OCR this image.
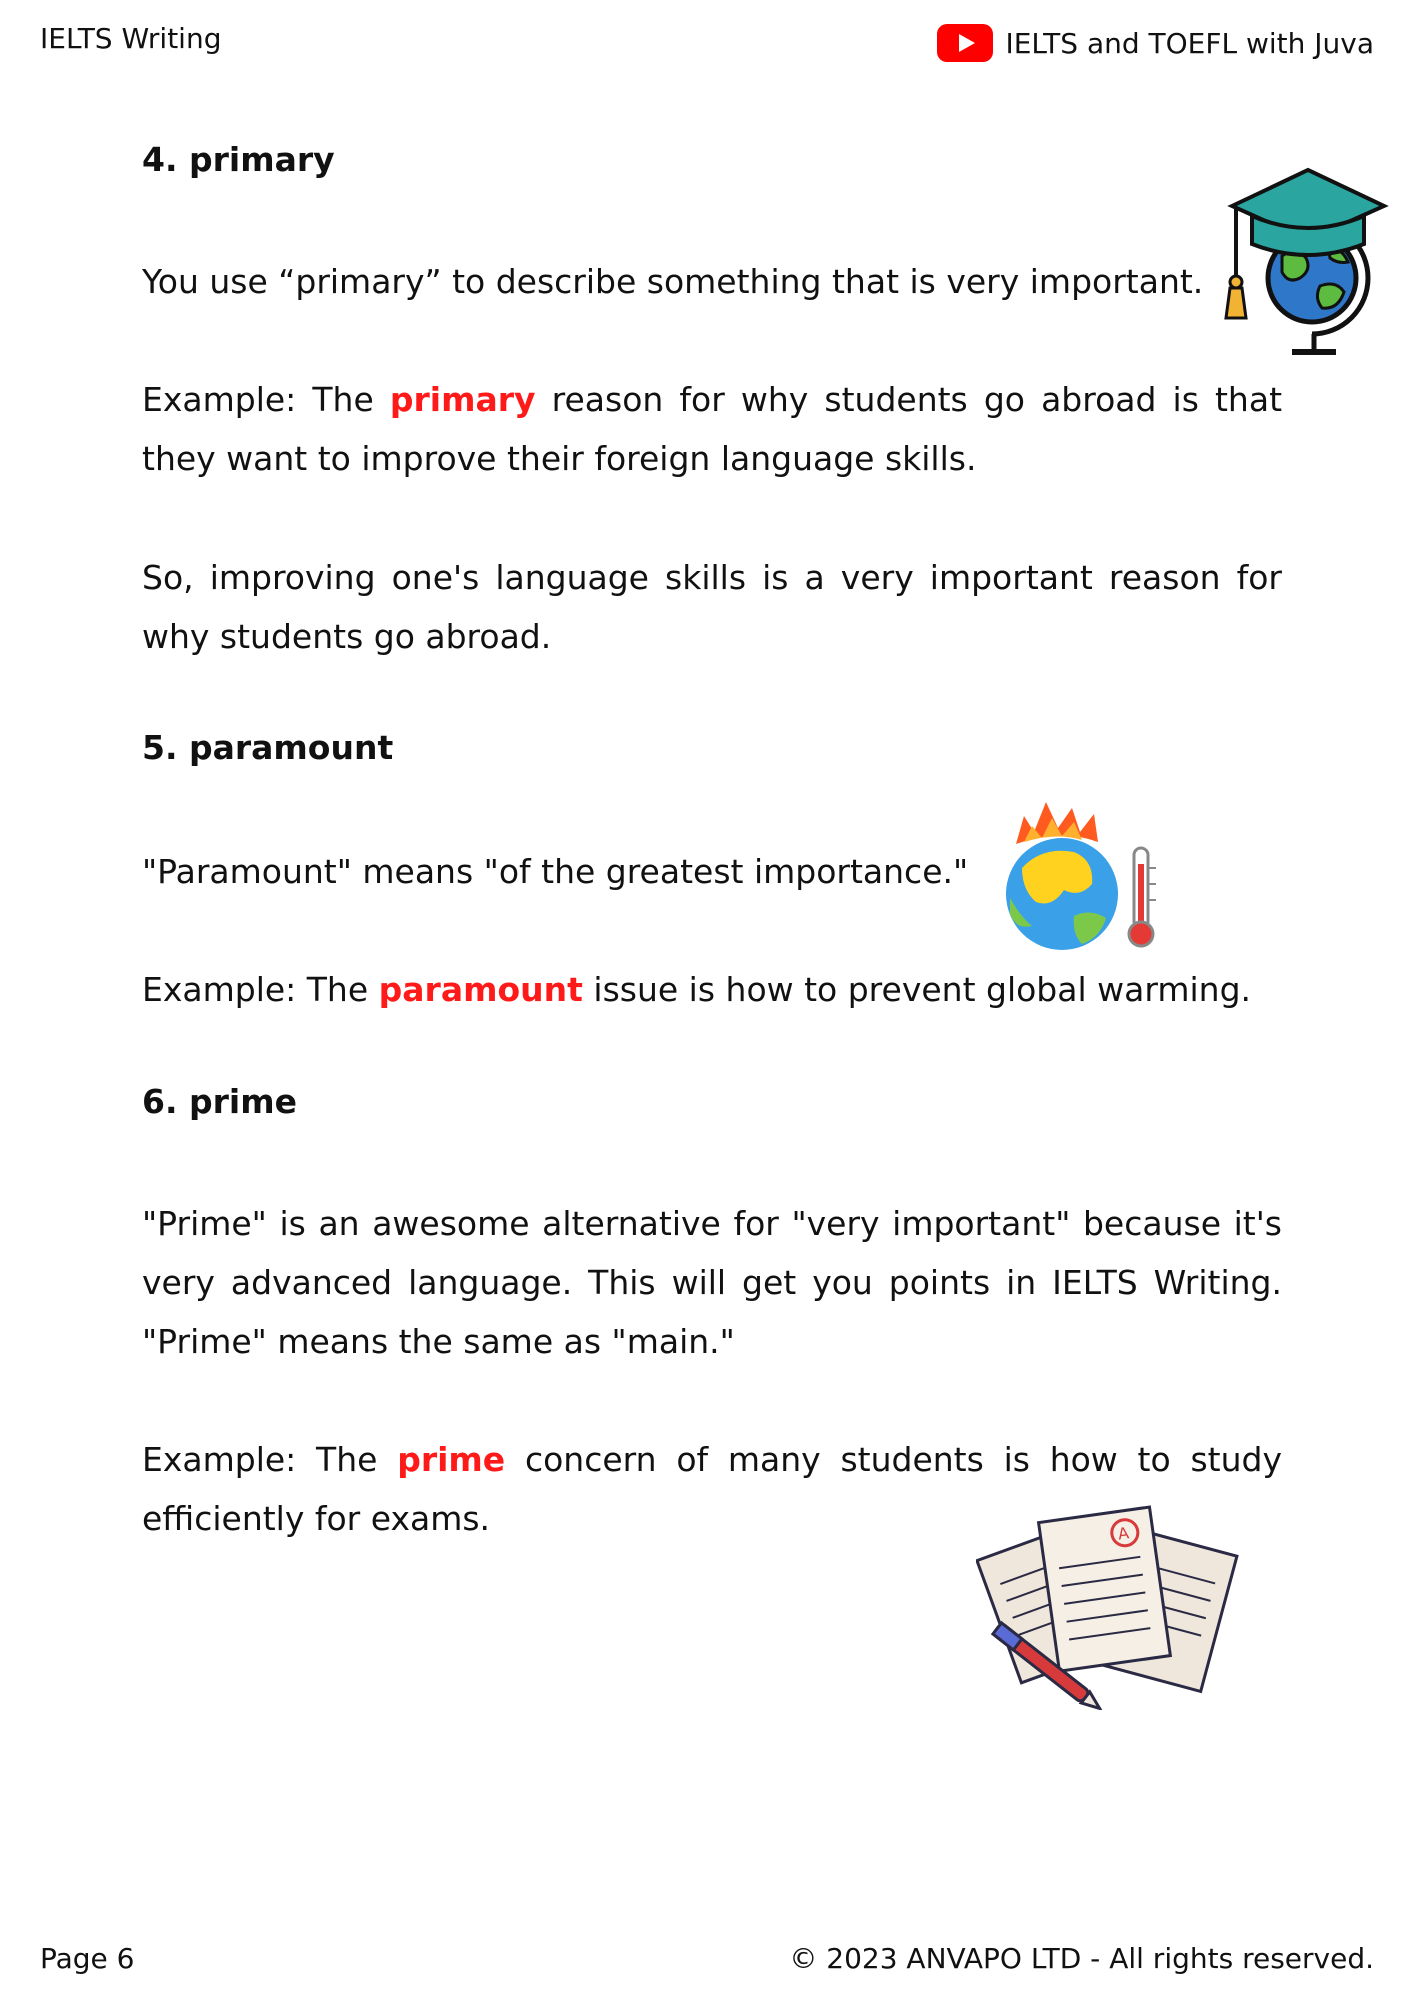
IELTS Writing	IELTS and TOEFL with Juva
4. primary

You use “primary” to describe something that is very important.

Example: The primary reason for why students go abroad is that they want to improve their foreign language skills.

So, improving one's language skills is a very important reason for why students go abroad.

5. paramount

"Paramount" means "of the greatest importance."

Example: The paramount issue is how to prevent global warming.

6. prime

"Prime" is an awesome alternative for "very important" because it's very advanced language. This will get you points in IELTS Writing. "Prime" means the same as "main."

Example: The prime concern of many students is how to study efficiently for exams.	A
Page 6	© 2023 ANVAPO LTD - All rights reserved.
